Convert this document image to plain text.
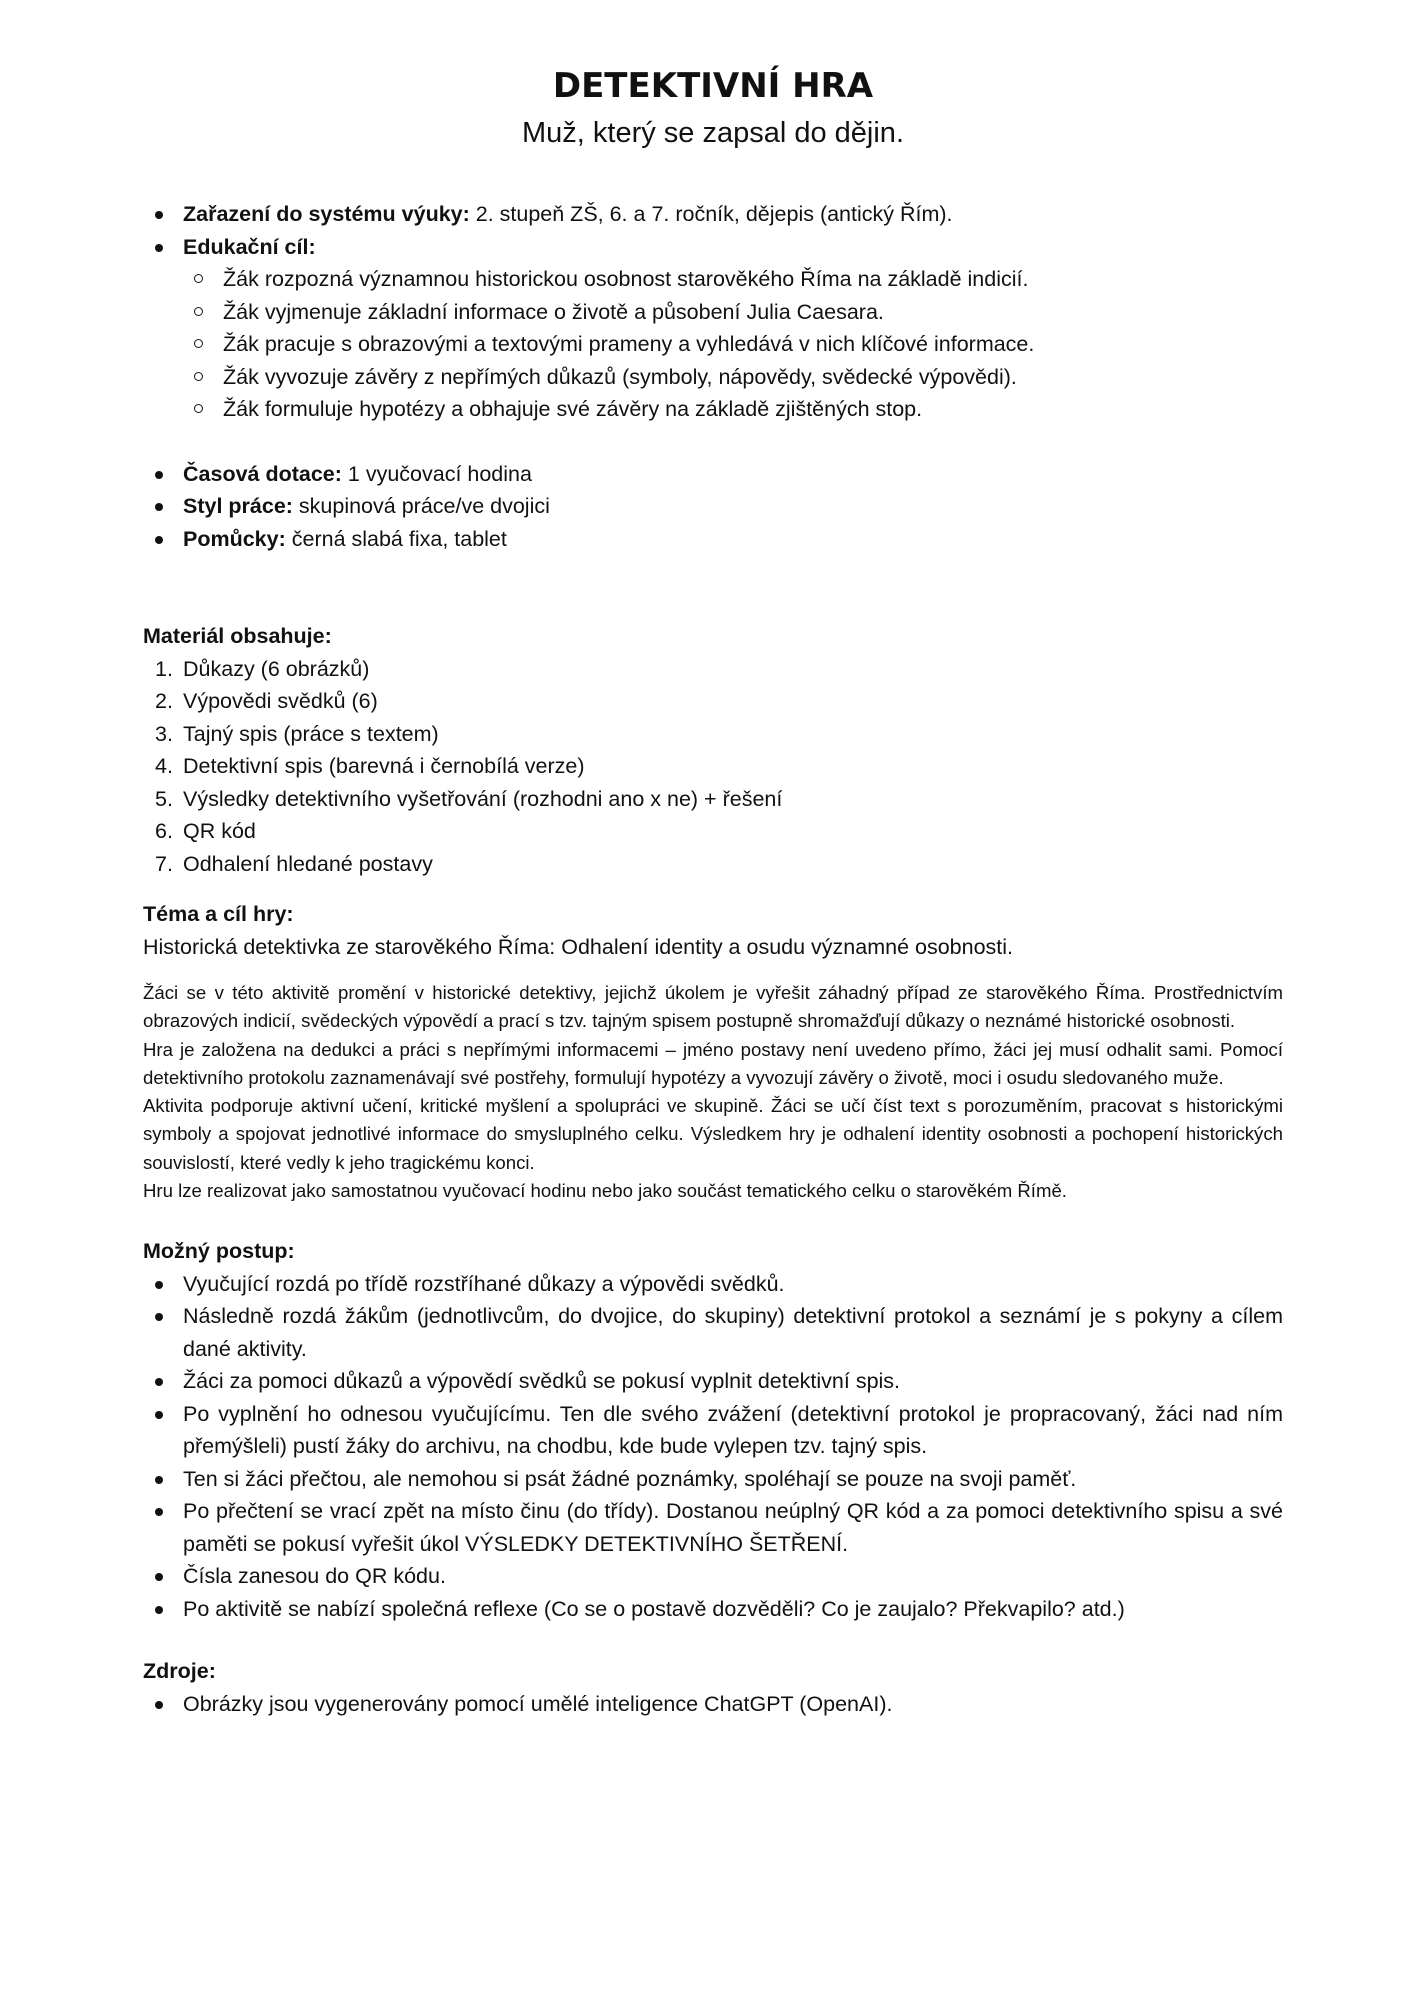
DETEKTIVNÍ HRA

Muž, který se zapsal do dějin.

Zařazení do systému výuky: 2. stupeň ZŠ, 6. a 7. ročník, dějepis (antický Řím).
Edukační cíl:
Žák rozpozná významnou historickou osobnost starověkého Říma na základě indicií.
Žák vyjmenuje základní informace o životě a působení Julia Caesara.
Žák pracuje s obrazovými a textovými prameny a vyhledává v nich klíčové informace.
Žák vyvozuje závěry z nepřímých důkazů (symboly, nápovědy, svědecké výpovědi).
Žák formuluje hypotézy a obhajuje své závěry na základě zjištěných stop.
Časová dotace: 1 vyučovací hodina
Styl práce: skupinová práce/ve dvojici
Pomůcky: černá slabá fixa, tablet

Materiál obsahuje:

1. Důkazy (6 obrázků)
2. Výpovědi svědků (6)
3. Tajný spis (práce s textem)
4. Detektivní spis (barevná i černobílá verze)
5. Výsledky detektivního vyšetřování (rozhodni ano x ne) + řešení
6. QR kód
7. Odhalení hledané postavy

Téma a cíl hry:

Historická detektivka ze starověkého Říma: Odhalení identity a osudu významné osobnosti.

Žáci se v této aktivitě promění v historické detektivy, jejichž úkolem je vyřešit záhadný případ ze starověkého Říma. Prostřednictvím obrazových indicií, svědeckých výpovědí a prací s tzv. tajným spisem postupně shromažďují důkazy o neznámé historické osobnosti.

Hra je založena na dedukci a práci s nepřímými informacemi – jméno postavy není uvedeno přímo, žáci jej musí odhalit sami. Pomocí detektivního protokolu zaznamenávají své postřehy, formulují hypotézy a vyvozují závěry o životě, moci i osudu sledovaného muže.

Aktivita podporuje aktivní učení, kritické myšlení a spolupráci ve skupině. Žáci se učí číst text s porozuměním, pracovat s historickými symboly a spojovat jednotlivé informace do smysluplného celku. Výsledkem hry je odhalení identity osobnosti a pochopení historických souvislostí, které vedly k jeho tragickému konci.

Hru lze realizovat jako samostatnou vyučovací hodinu nebo jako součást tematického celku o starověkém Římě.

Možný postup:

Vyučující rozdá po třídě rozstříhané důkazy a výpovědi svědků.
Následně rozdá žákům (jednotlivcům, do dvojice, do skupiny) detektivní protokol a seznámí je s pokyny a cílem dané aktivity.
Žáci za pomoci důkazů a výpovědí svědků se pokusí vyplnit detektivní spis.
Po vyplnění ho odnesou vyučujícímu. Ten dle svého zvážení (detektivní protokol je propracovaný, žáci nad ním přemýšleli) pustí žáky do archivu, na chodbu, kde bude vylepen tzv. tajný spis.
Ten si žáci přečtou, ale nemohou si psát žádné poznámky, spoléhají se pouze na svoji paměť.
Po přečtení se vrací zpět na místo činu (do třídy). Dostanou neúplný QR kód a za pomoci detektivního spisu a své paměti se pokusí vyřešit úkol VÝSLEDKY DETEKTIVNÍHO ŠETŘENÍ.
Čísla zanesou do QR kódu.
Po aktivitě se nabízí společná reflexe (Co se o postavě dozvěděli? Co je zaujalo? Překvapilo? atd.)

Zdroje:

Obrázky jsou vygenerovány pomocí umělé inteligence ChatGPT (OpenAI).
